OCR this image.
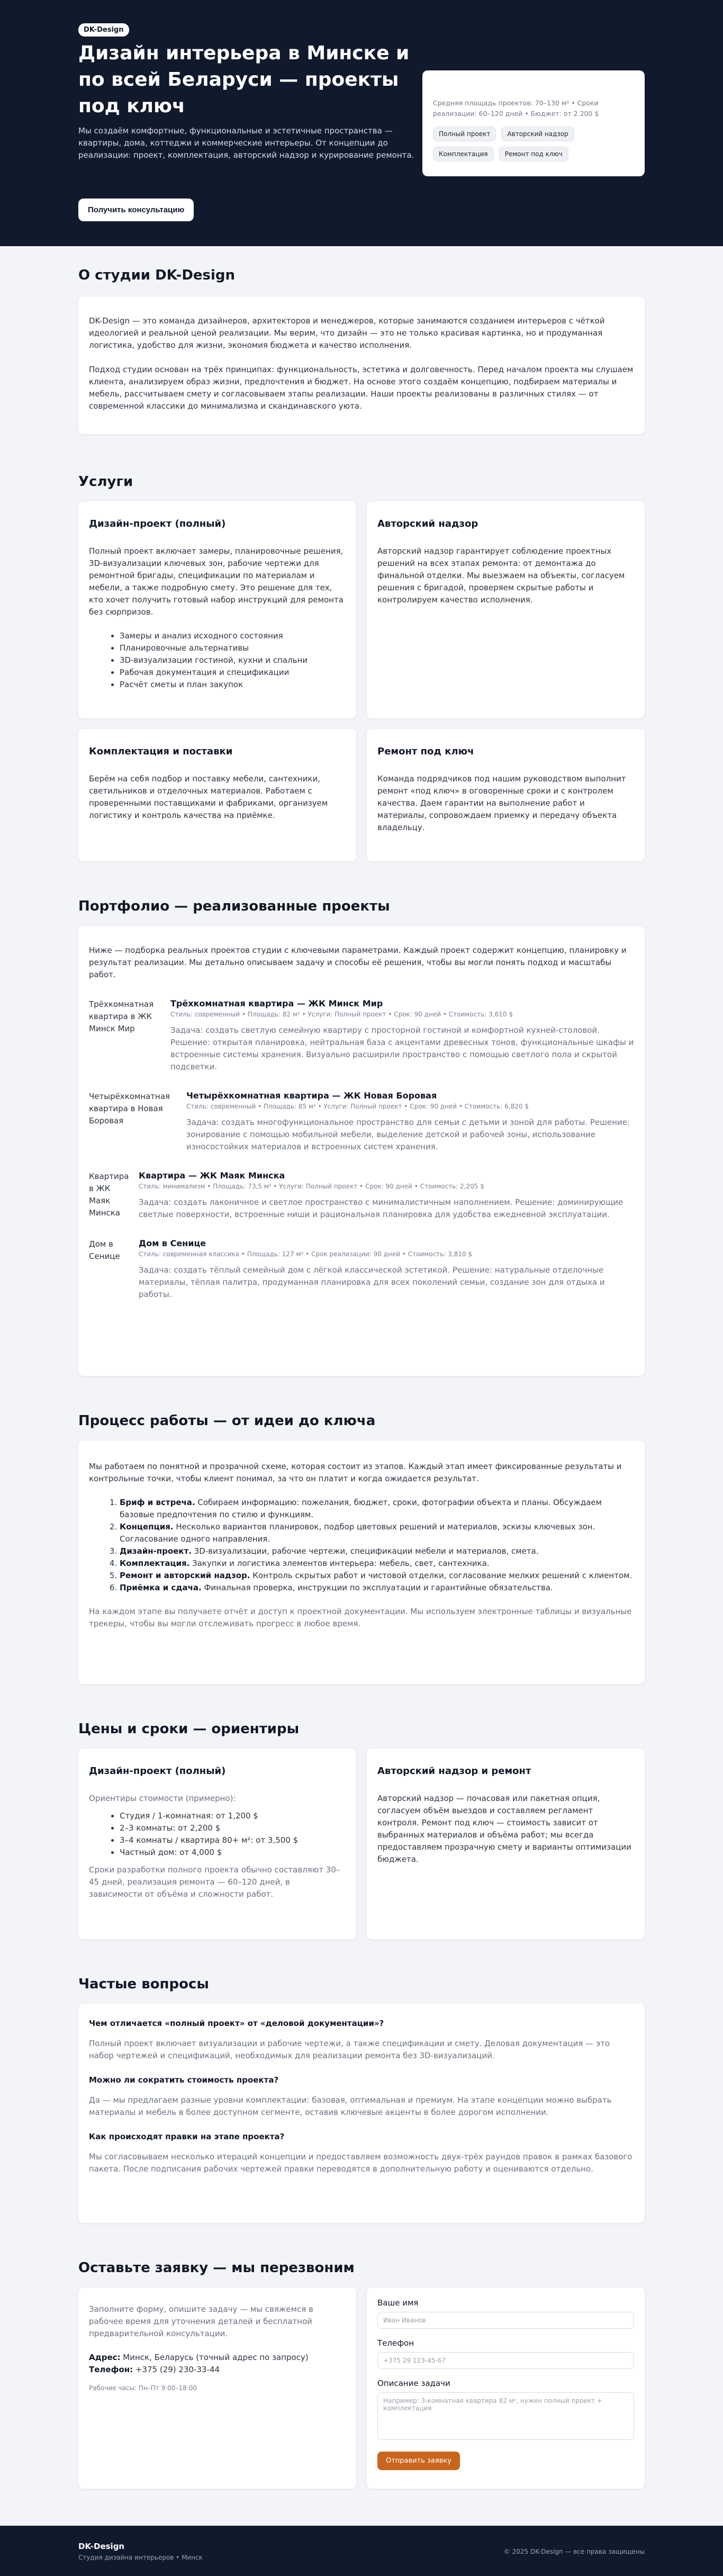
DK-Design
Дизайн интерьера в Минске и по всей Беларуси — проекты под ключ

Мы создаём комфортные, функциональные и эстетичные пространства — квартиры, дома, коттеджи и коммерческие интерьеры. От концепции до реализации: проект, комплектация, авторский надзор и курирование ремонта.

Получить консультацию
Средняя площадь проектов: 70–130 м² • Сроки реализации: 60–120 дней • Бюджет: от 2 200 $
Полный проект	Авторский надзор
Комплектация	Ремонт под ключ
О студии DK-Design

DK-Design — это команда дизайнеров, архитекторов и менеджеров, которые занимаются созданием интерьеров с чёткой идеологией и реальной ценой реализации. Мы верим, что дизайн — это не только красивая картинка, но и продуманная логистика, удобство для жизни, экономия бюджета и качество исполнения.

Подход студии основан на трёх принципах: функциональность, эстетика и долговечность. Перед началом проекта мы слушаем клиента, анализируем образ жизни, предпочтения и бюджет. На основе этого создаём концепцию, подбираем материалы и мебель, рассчитываем смету и согласовываем этапы реализации. Наши проекты реализованы в различных стилях — от современной классики до минимализма и скандинавского уюта.

Услуги
Дизайн-проект (полный)

Полный проект включает замеры, планировочные решения, 3D-визуализации ключевых зон, рабочие чертежи для ремонтной бригады, спецификации по материалам и мебели, а также подробную смету. Это решение для тех, кто хочет получить готовый набор инструкций для ремонта без сюрпризов.

• Замеры и анализ исходного состояния
• Планировочные альтернативы
• 3D-визуализации гостиной, кухни и спальни
• Рабочая документация и спецификации
• Расчёт сметы и план закупок
Авторский надзор

Авторский надзор гарантирует соблюдение проектных решений на всех этапах ремонта: от демонтажа до финальной отделки. Мы выезжаем на объекты, согласуем решения с бригадой, проверяем скрытые работы и контролируем качество исполнения.

Комплектация и поставки

Берём на себя подбор и поставку мебели, сантехники, светильников и отделочных материалов. Работаем с проверенными поставщиками и фабриками, организуем логистику и контроль качества на приёмке.

Ремонт под ключ

Команда подрядчиков под нашим руководством выполнит ремонт «под ключ» в оговоренные сроки и с контролем качества. Даем гарантии на выполнение работ и материалы, сопровождаем приемку и передачу объекта владельцу.

Портфолио — реализованные проекты

Ниже — подборка реальных проектов студии с ключевыми параметрами. Каждый проект содержит концепцию, планировку и результат реализации. Мы детально описываем задачу и способы её решения, чтобы вы могли понять подход и масштабы работ.

Трёхкомнатная квартира в ЖК Минск Мир
Трёхкомнатная квартира — ЖК Минск Мир
Стиль: современный • Площадь: 82 м² • Услуги: Полный проект • Срок: 90 дней • Стоимость: 3,610 $

Задача: создать светлую семейную квартиру с просторной гостиной и комфортной кухней-столовой. Решение: открытая планировка, нейтральная база с акцентами древесных тонов, функциональные шкафы и встроенные системы хранения. Визуально расширили пространство с помощью светлого пола и скрытой подсветки.

Четырёхкомнатная квартира в Новая Боровая
Четырёхкомнатная квартира — ЖК Новая Боровая
Стиль: современный • Площадь: 85 м² • Услуги: Полный проект • Срок: 90 дней • Стоимость: 6,820 $

Задача: создать многофункциональное пространство для семьи с детьми и зоной для работы. Решение: зонирование с помощью мобильной мебели, выделение детской и рабочей зоны, использование износостойких материалов и встроенных систем хранения.

Квартира в ЖК Маяк Минска
Квартира — ЖК Маяк Минска
Стиль: минимализм • Площадь: 73,5 м² • Услуги: Полный проект • Срок: 90 дней • Стоимость: 2,205 $

Задача: создать лаконичное и светлое пространство с минималистичным наполнением. Решение: доминирующие светлые поверхности, встроенные ниши и рациональная планировка для удобства ежедневной эксплуатации.

Дом в Сенице
Дом в Сенице
Стиль: современная классика • Площадь: 127 м² • Срок реализации: 90 дней • Стоимость: 3,810 $

Задача: создать тёплый семейный дом с лёгкой классической эстетикой. Решение: натуральные отделочные материалы, тёплая палитра, продуманная планировка для всех поколений семьи, создание зон для отдыха и работы.

Процесс работы — от идеи до ключа

Мы работаем по понятной и прозрачной схеме, которая состоит из этапов. Каждый этап имеет фиксированные результаты и контрольные точки, чтобы клиент понимал, за что он платит и когда ожидается результат.

1. Бриф и встреча. Собираем информацию: пожелания, бюджет, сроки, фотографии объекта и планы. Обсуждаем базовые предпочтения по стилю и функциям.
2. Концепция. Несколько вариантов планировок, подбор цветовых решений и материалов, эскизы ключевых зон. Согласование одного направления.
3. Дизайн-проект. 3D-визуализации, рабочие чертежи, спецификации мебели и материалов, смета.
4. Комплектация. Закупки и логистика элементов интерьера: мебель, свет, сантехника.
5. Ремонт и авторский надзор. Контроль скрытых работ и чистовой отделки, согласование мелких решений с клиентом.
6. Приёмка и сдача. Финальная проверка, инструкции по эксплуатации и гарантийные обязательства.

На каждом этапе вы получаете отчёт и доступ к проектной документации. Мы используем электронные таблицы и визуальные трекеры, чтобы вы могли отслеживать прогресс в любое время.

Цены и сроки — ориентиры
Дизайн-проект (полный)

Ориентиры стоимости (примерно):

• Студия / 1-комнатная: от 1,200 $
• 2–3 комнаты: от 2,200 $
• 3–4 комнаты / квартира 80+ м²: от 3,500 $
• Частный дом: от 4,000 $

Сроки разработки полного проекта обычно составляют 30–45 дней, реализация ремонта — 60–120 дней, в зависимости от объёма и сложности работ.

Авторский надзор и ремонт

Авторский надзор — почасовая или пакетная опция, согласуем объём выездов и составляем регламент контроля. Ремонт под ключ — стоимость зависит от выбранных материалов и объёма работ; мы всегда предоставляем прозрачную смету и варианты оптимизации бюджета.

Частые вопросы
Чем отличается «полный проект» от «деловой документации»?

Полный проект включает визуализации и рабочие чертежи, а также спецификации и смету. Деловая документация — это набор чертежей и спецификаций, необходимых для реализации ремонта без 3D-визуализаций.

Можно ли сократить стоимость проекта?

Да — мы предлагаем разные уровни комплектации: базовая, оптимальная и премиум. На этапе концепции можно выбрать материалы и мебель в более доступном сегменте, оставив ключевые акценты в более дорогом исполнении.

Как происходят правки на этапе проекта?

Мы согласовываем несколько итераций концепции и предоставляем возможность двух-трёх раундов правок в рамках базового пакета. После подписания рабочих чертежей правки переводятся в дополнительную работу и оцениваются отдельно.

Оставьте заявку — мы перезвоним

Заполните форму, опишите задачу — мы свяжемся в рабочее время для уточнения деталей и бесплатной предварительной консультации.

Адрес: Минск, Беларусь (точный адрес по запросу)
Телефон: +375 (29) 230-33-44
Рабочие часы: Пн–Пт 9:00–18:00
Ваше имя
Иван Иванов
Телефон
+375 29 123-45-67
Описание задачи
Например: 3-комнатная квартира 82 м², нужен полный проект + комплектация Отправить заявку
DK-Design
Студия дизайна интерьеров • Минск
© 2025 DK-Design — все права защищены
